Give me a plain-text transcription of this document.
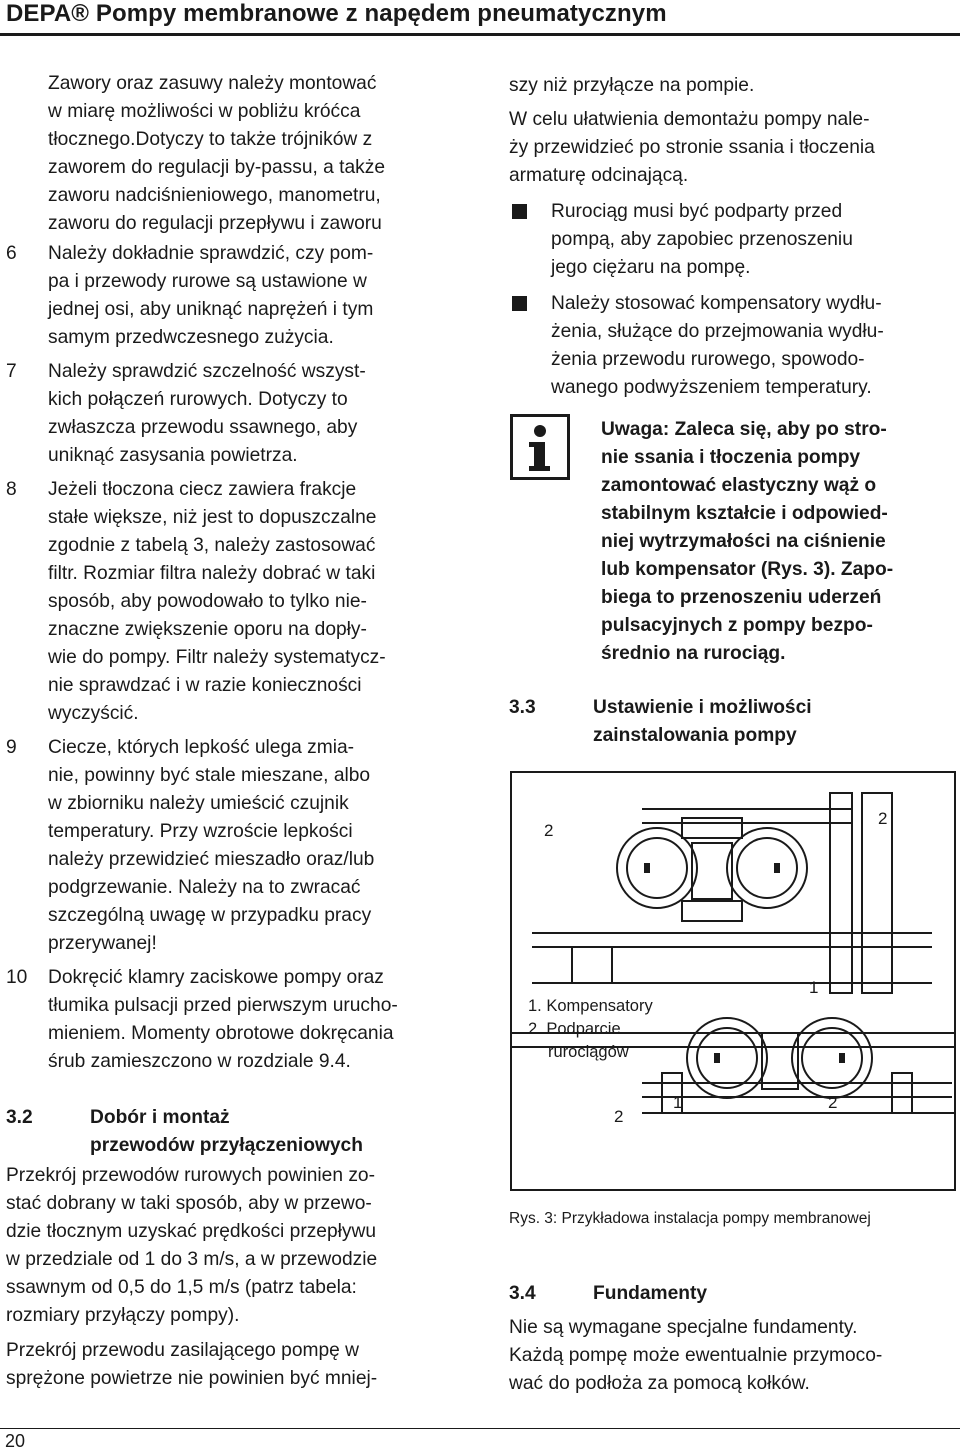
DEPA® Pompy membranowe z napędem pneumatycznym
Zawory oraz zasuwy należy montować
w miarę możliwości w pobliżu króćca
tłocznego.Dotyczy to także trójników z
zaworem do regulacji by-passu, a także
zaworu nadciśnieniowego, manometru,
zaworu do regulacji przepływu i zaworu
6	Należy dokładnie sprawdzić, czy pom-
pa i przewody rurowe są ustawione w
jednej osi, aby uniknąć naprężeń i tym
samym przedwczesnego zużycia.
7	Należy sprawdzić szczelność wszyst-
kich połączeń rurowych. Dotyczy to
zwłaszcza przewodu ssawnego, aby
uniknąć zasysania powietrza.
8	Jeżeli tłoczona ciecz zawiera frakcje
stałe większe, niż jest to dopuszczalne
zgodnie z tabelą 3, należy zastosować
filtr. Rozmiar filtra należy dobrać w taki
sposób, aby powodowało to tylko nie-
znaczne zwiększenie oporu na dopły-
wie do pompy. Filtr należy systematycz-
nie sprawdzać i w razie konieczności
wyczyścić.
9	Ciecze, których lepkość ulega zmia-
nie, powinny być stale mieszane, albo
w zbiorniku należy umieścić czujnik
temperatury. Przy wzroście lepkości
należy przewidzieć mieszadło oraz/lub
podgrzewanie. Należy na to zwracać
szczególną uwagę w przypadku pracy
przerywanej!
10	Dokręcić klamry zaciskowe pompy oraz
tłumika pulsacji przed pierwszym urucho-
mieniem. Momenty obrotowe dokręcania
śrub zamieszczono w rozdziale 9.4.
3.2	Dobór i montaż
przewodów przyłączeniowych
Przekrój przewodów rurowych powinien zo-
stać dobrany w taki sposób, aby w przewo-
dzie tłocznym uzyskać prędkości przepływu
w przedziale od 1 do 3 m/s, a w przewodzie
ssawnym od 0,5 do 1,5 m/s (patrz tabela:
rozmiary przyłączy pompy).
Przekrój przewodu zasilającego pompę w
sprężone powietrze nie powinien być mniej-
szy niż przyłącze na pompie.
W celu ułatwienia demontażu pompy nale-
ży przewidzieć po stronie ssania i tłoczenia
armaturę odcinającą.
Rurociąg musi być podparty przed
pompą, aby zapobiec przenoszeniu
jego ciężaru na pompę.
Należy stosować kompensatory wydłu-
żenia, służące do przejmowania wydłu-
żenia przewodu rurowego, spowodo-
wanego podwyższeniem temperatury.
Uwaga: Zaleca się, aby po stro-
nie ssania i tłoczenia pompy
zamontować elastyczny wąż o
stabilnym kształcie i odpowied-
niej wytrzymałości na ciśnienie
lub kompensator (Rys. 3). Zapo-
biega to przenoszeniu uderzeń
pulsacyjnych z pompy bezpo-
średnio na rurociąg.
3.3	Ustawienie i możliwości
zainstalowania pompy
2
2
1
1. Kompensatory
2. Podparcie
rurociągów
2
1	2
Rys. 3: Przykładowa instalacja pompy membranowej
3.4	Fundamenty
Nie są wymagane specjalne fundamenty.
Każdą pompę może ewentualnie przymoco-
wać do podłoża za pomocą kołków.
20
